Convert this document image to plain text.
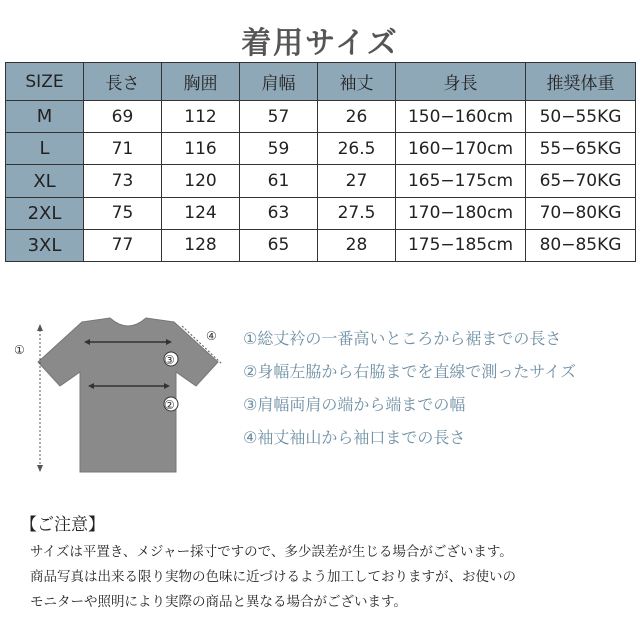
着用サイズ
SIZE	長さ	胸囲	肩幅	袖丈	身長	推奨体重
M	69	112	57	26	150−160cm	50−55KG
L	71	116	59	26.5	160−170cm	55−65KG
XL	73	120	61	27	165−175cm	65−70KG
2XL	75	124	63	27.5	170−180cm	70−80KG
3XL	77	128	65	28	175−185cm	80−85KG
①
③
②
④ ①総丈衿の一番高いところから裾までの長さ
②身幅左脇から右脇までを直線で測ったサイズ
③肩幅両肩の端から端までの幅
④袖丈袖山から袖口までの長さ
【ご注意】
サイズは平置き、メジャー採寸ですので、多少誤差が生じる場合がございます。
商品写真は出来る限り実物の色味に近づけるよう加工しておりますが、お使いの
モニターや照明により実際の商品と異なる場合がございます。
